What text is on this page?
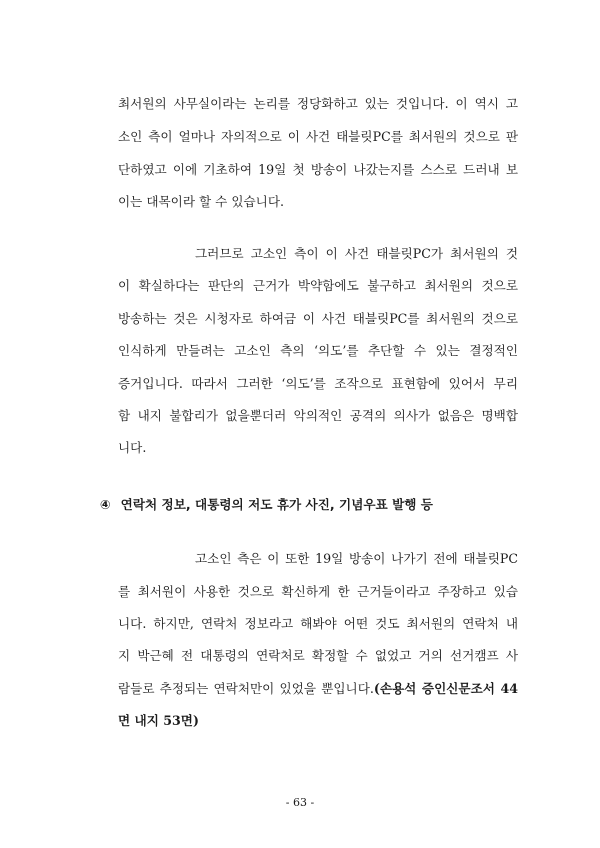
최서원의 사무실이라는 논리를 정당화하고 있는 것입니다. 이 역시 고
소인 측이 얼마나 자의적으로 이 사건 태블릿PC를 최서원의 것으로 판
단하였고 이에 기초하여 19일 첫 방송이 나갔는지를 스스로 드러내 보
이는 대목이라 할 수 있습니다.
그러므로 고소인 측이 이 사건 태블릿PC가 최서원의 것
이 확실하다는 판단의 근거가 박약함에도 불구하고 최서원의 것으로
방송하는 것은 시청자로 하여금 이 사건 태블릿PC를 최서원의 것으로
인식하게 만들려는 고소인 측의 ‘의도’를 추단할 수 있는 결정적인
증거입니다. 따라서 그러한 ‘의도’를 조작으로 표현함에 있어서 무리
함 내지 불합리가 없을뿐더러 악의적인 공격의 의사가 없음은 명백합
니다.
④ 연락처 정보, 대통령의 저도 휴가 사진, 기념우표 발행 등
고소인 측은 이 또한 19일 방송이 나가기 전에 태블릿PC
를 최서원이 사용한 것으로 확신하게 한 근거들이라고 주장하고 있습
니다. 하지만, 연락처 정보라고 해봐야 어떤 것도 최서원의 연락처 내
지 박근혜 전 대통령의 연락처로 확정할 수 없었고 거의 선거캠프 사
람들로 추정되는 연락처만이 있었을 뿐입니다.(손용석 증인신문조서 44
면 내지 53면)
- 63 -
